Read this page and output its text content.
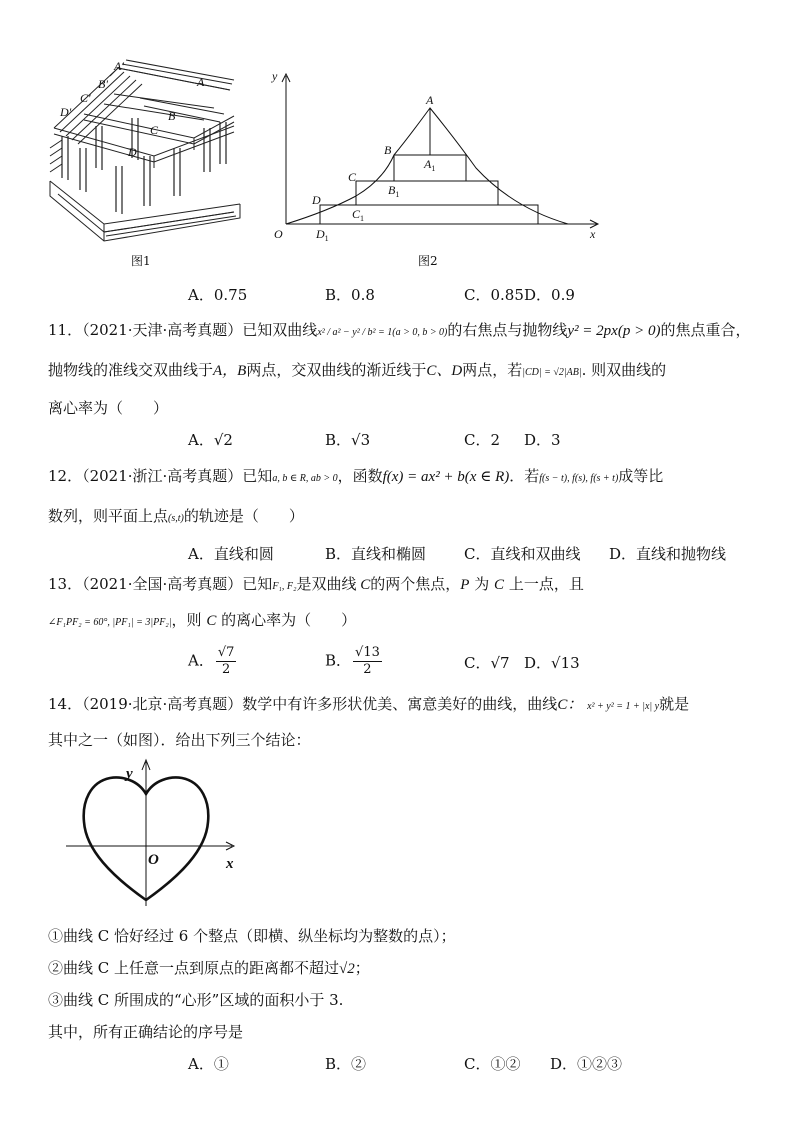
A'
A
B'
C'
D'	B
C
D
图1
y
x
O
A
B
C
D
$A_1$
$B_1$
$C_1$
$D_1$
图2
A．0.75	B．0.8	C．0.85 D．0.9
11．（2021·天津·高考真题）已知双曲线x² / a² − y² / b² = 1(a > 0, b > 0)的右焦点与抛物线y² = 2px(p > 0)的焦点重合，
抛物线的准线交双曲线于A，B两点，交双曲线的渐近线于C、D两点，若|CD| = √2|AB|. 则双曲线的
离心率为（　　）
A．√2	B．√3	C．2 D．3
12．（2021·浙江·高考真题）已知a, b ∈ R, ab > 0，函数f(x) = ax² + b(x ∈ R)．若f(s − t), f(s), f(s + t)成等比
数列，则平面上点(s,t)的轨迹是（　　）
A．直线和圆	B．直线和椭圆	C．直线和双曲线 D．直线和抛物线
13．（2021·全国·高考真题）已知F₁, F₂是双曲线 C的两个焦点，P 为 C 上一点，且
∠F₁PF₂ = 60°, |PF₁| = 3|PF₂|，则 C 的离心率为（　　）
A． $\frac{√7}{2}$	B． $\frac{√13}{2}$	C．√7 D．√13
14．（2019·北京·高考真题）数学中有许多形状优美、寓意美好的曲线，曲线C： x² + y² = 1 + |x| y就是
其中之一（如图）．给出下列三个结论：
y
x
O
①曲线 C 恰好经过 6 个整点（即横、纵坐标均为整数的点）；
②曲线 C 上任意一点到原点的距离都不超过√2；
③曲线 C 所围成的“心形”区域的面积小于 3.
其中，所有正确结论的序号是
A．①	B．②	C．①② D．①②③
